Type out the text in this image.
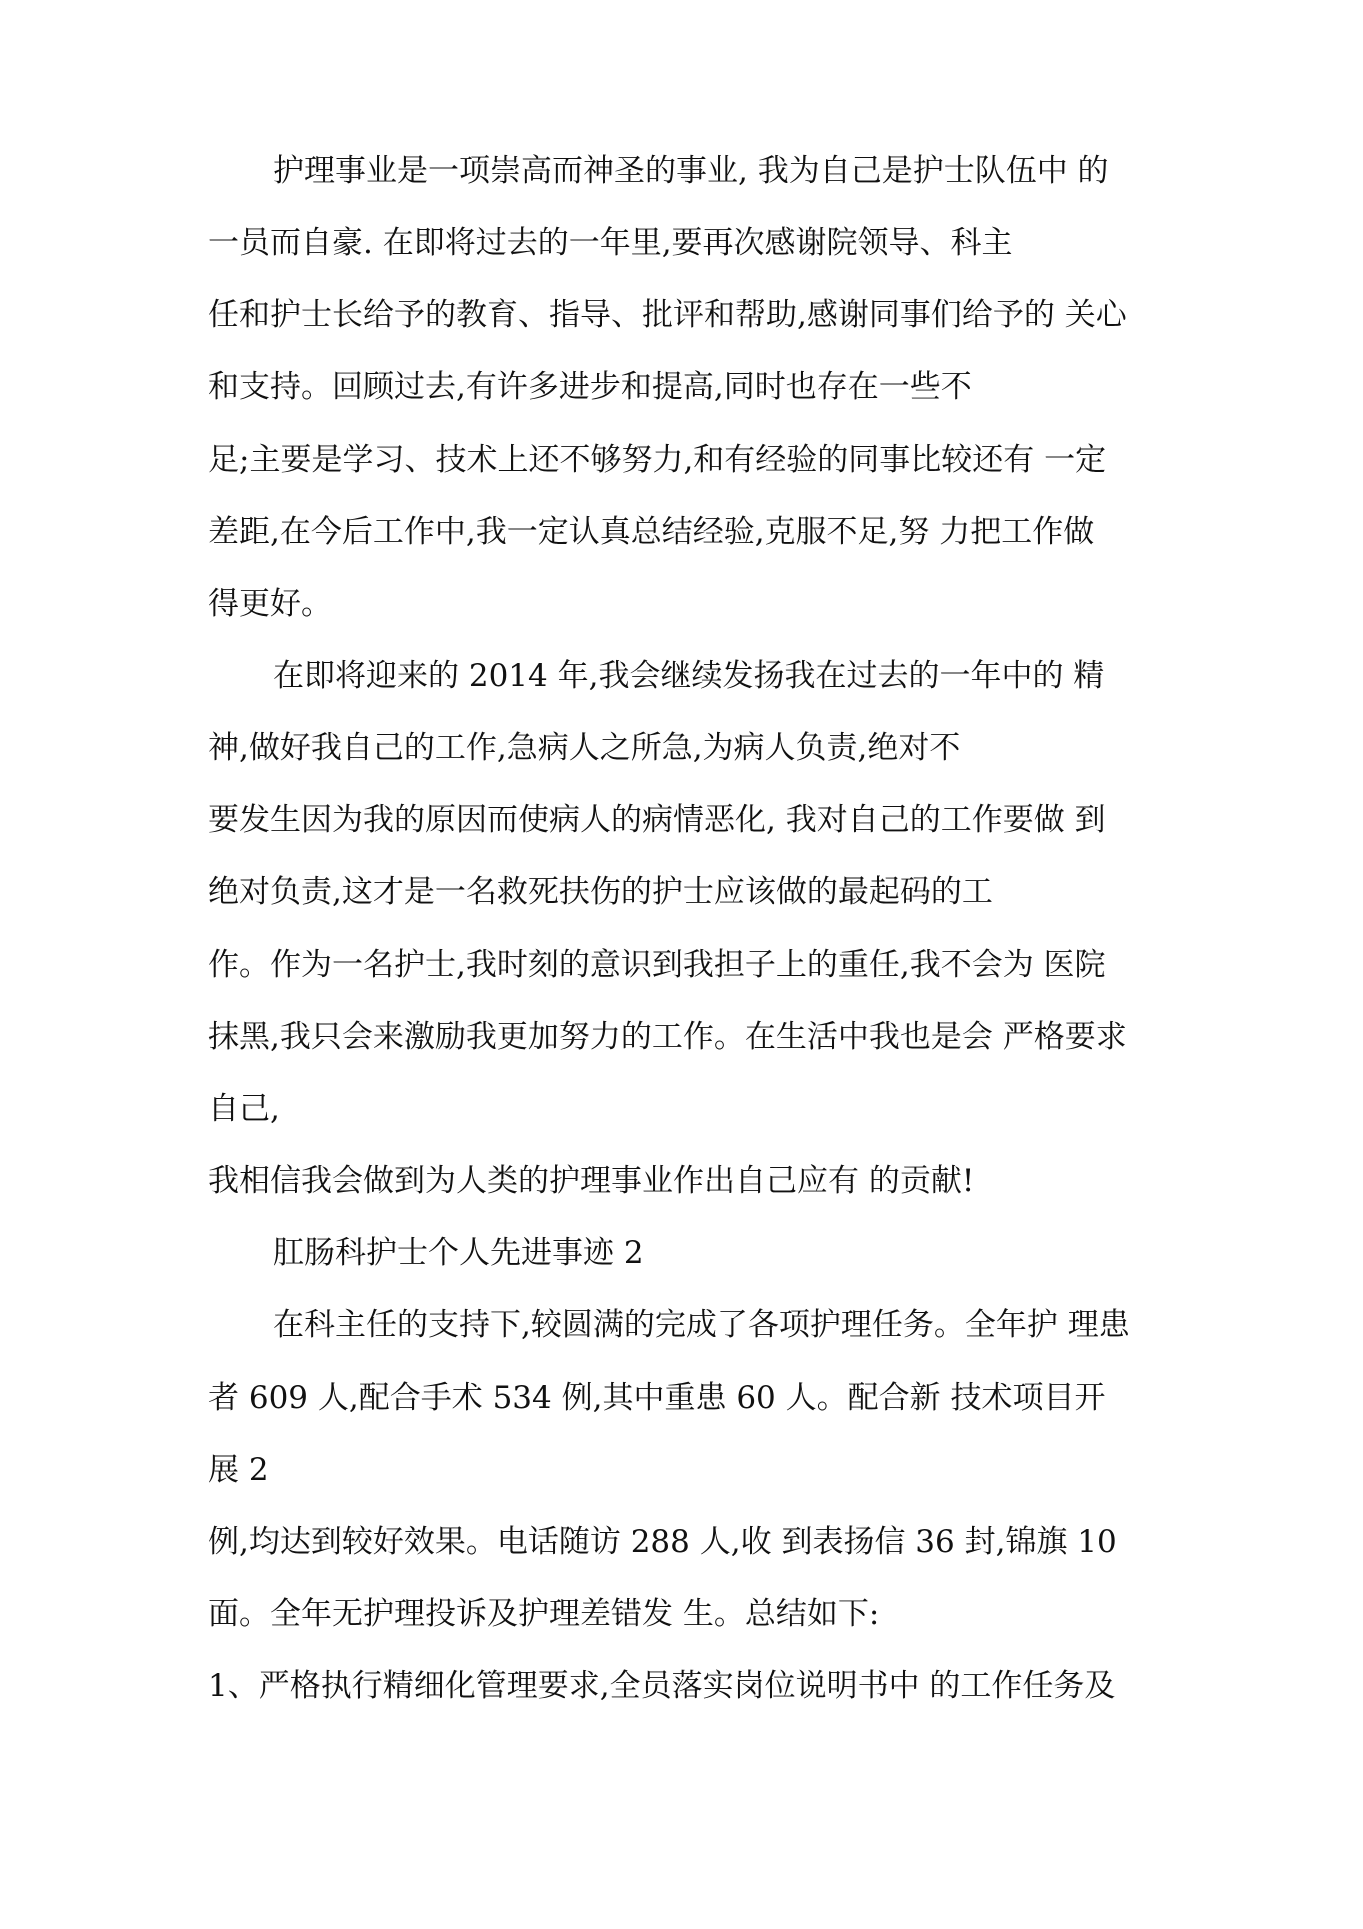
护理事业是一项崇高而神圣的事业, 我为自己是护士队伍中 的
一员而自豪. 在即将过去的一年里,要再次感谢院领导、科主
任和护士长给予的教育、指导、批评和帮助,感谢同事们给予的 关心
和支持。回顾过去,有许多进步和提高,同时也存在一些不
足;主要是学习、技术上还不够努力,和有经验的同事比较还有 一定
差距,在今后工作中,我一定认真总结经验,克服不足,努 力把工作做
得更好。
在即将迎来的 2014 年,我会继续发扬我在过去的一年中的 精
神,做好我自己的工作,急病人之所急,为病人负责,绝对不
要发生因为我的原因而使病人的病情恶化, 我对自己的工作要做 到
绝对负责,这才是一名救死扶伤的护士应该做的最起码的工
作。作为一名护士,我时刻的意识到我担子上的重任,我不会为 医院
抹黑,我只会来激励我更加努力的工作。在生活中我也是会 严格要求
自己,
我相信我会做到为人类的护理事业作出自己应有 的贡献!
肛肠科护士个人先进事迹 2
在科主任的支持下,较圆满的完成了各项护理任务。全年护 理患
者 609 人,配合手术 534 例,其中重患 60 人。配合新 技术项目开
展 2
例,均达到较好效果。电话随访 288 人,收 到表扬信 36 封,锦旗 10
面。全年无护理投诉及护理差错发 生。总结如下:
1、严格执行精细化管理要求,全员落实岗位说明书中 的工作任务及
